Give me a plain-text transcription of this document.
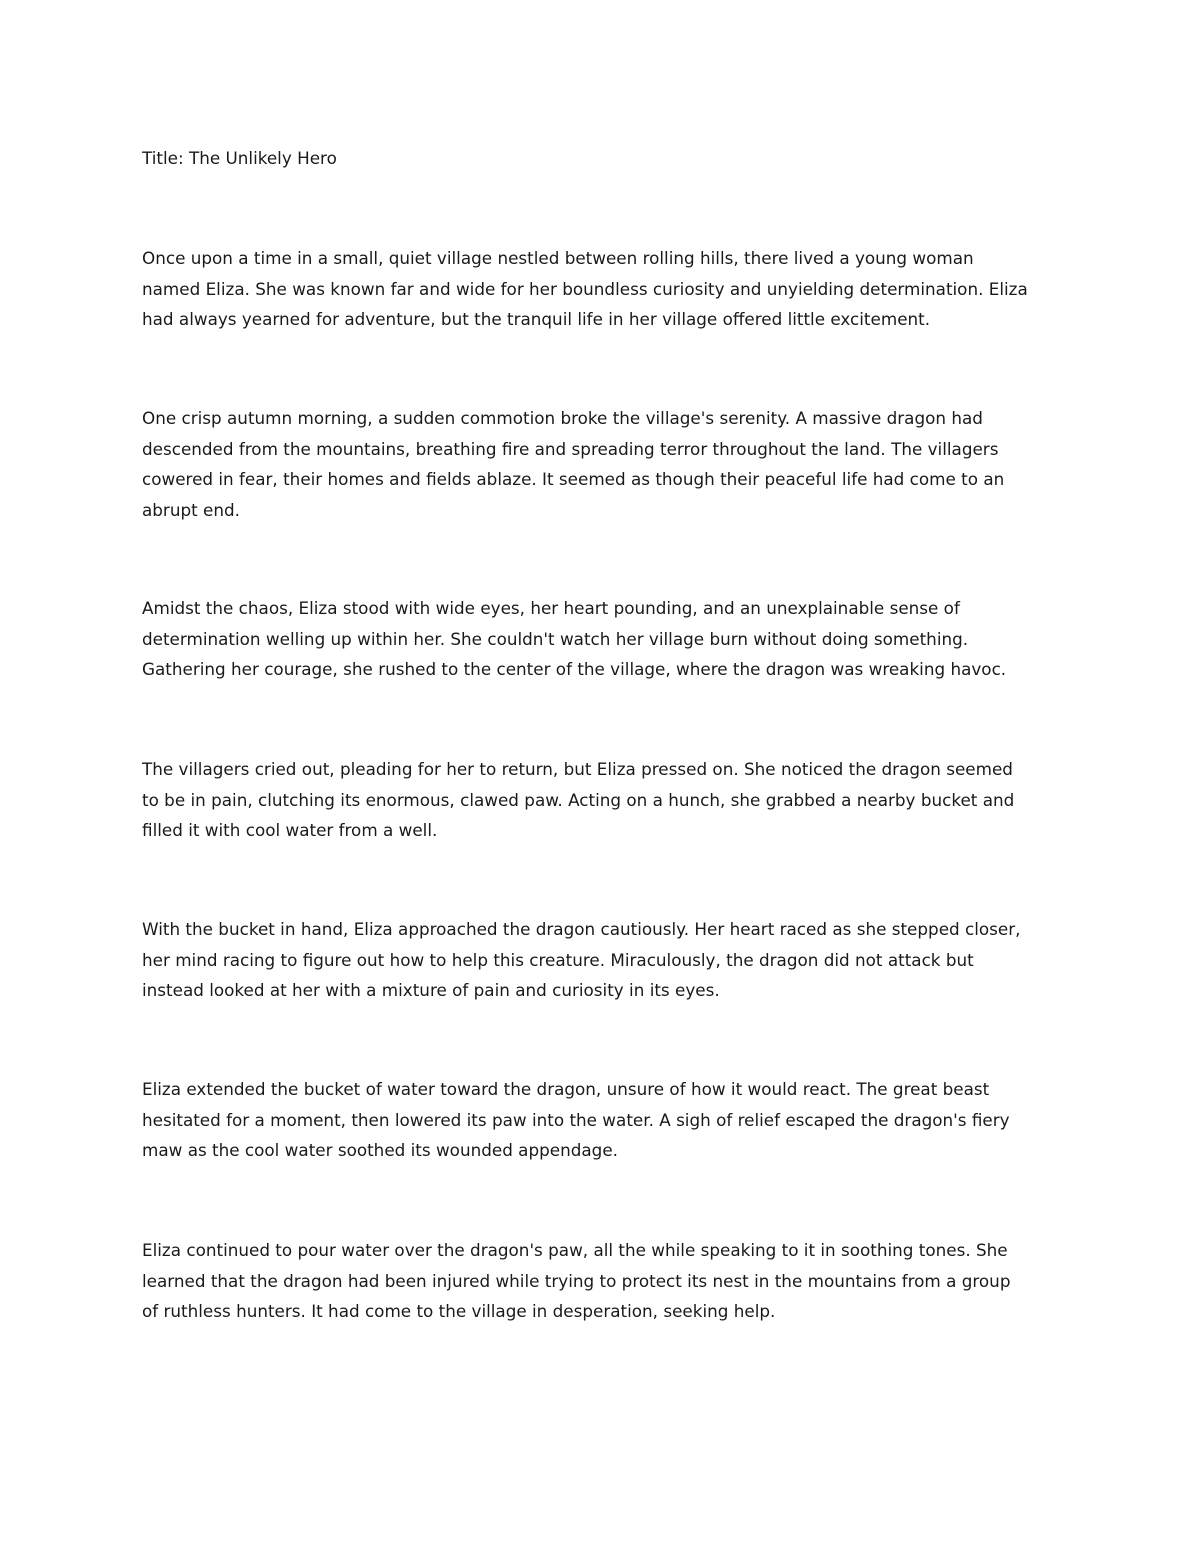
Title: The Unlikely Hero

Once upon a time in a small, quiet village nestled between rolling hills, there lived a young woman
named Eliza. She was known far and wide for her boundless curiosity and unyielding determination. Eliza
had always yearned for adventure, but the tranquil life in her village offered little excitement.

One crisp autumn morning, a sudden commotion broke the village's serenity. A massive dragon had
descended from the mountains, breathing fire and spreading terror throughout the land. The villagers
cowered in fear, their homes and fields ablaze. It seemed as though their peaceful life had come to an
abrupt end.

Amidst the chaos, Eliza stood with wide eyes, her heart pounding, and an unexplainable sense of
determination welling up within her. She couldn't watch her village burn without doing something.
Gathering her courage, she rushed to the center of the village, where the dragon was wreaking havoc.

The villagers cried out, pleading for her to return, but Eliza pressed on. She noticed the dragon seemed
to be in pain, clutching its enormous, clawed paw. Acting on a hunch, she grabbed a nearby bucket and
filled it with cool water from a well.

With the bucket in hand, Eliza approached the dragon cautiously. Her heart raced as she stepped closer,
her mind racing to figure out how to help this creature. Miraculously, the dragon did not attack but
instead looked at her with a mixture of pain and curiosity in its eyes.

Eliza extended the bucket of water toward the dragon, unsure of how it would react. The great beast
hesitated for a moment, then lowered its paw into the water. A sigh of relief escaped the dragon's fiery
maw as the cool water soothed its wounded appendage.

Eliza continued to pour water over the dragon's paw, all the while speaking to it in soothing tones. She
learned that the dragon had been injured while trying to protect its nest in the mountains from a group
of ruthless hunters. It had come to the village in desperation, seeking help.
